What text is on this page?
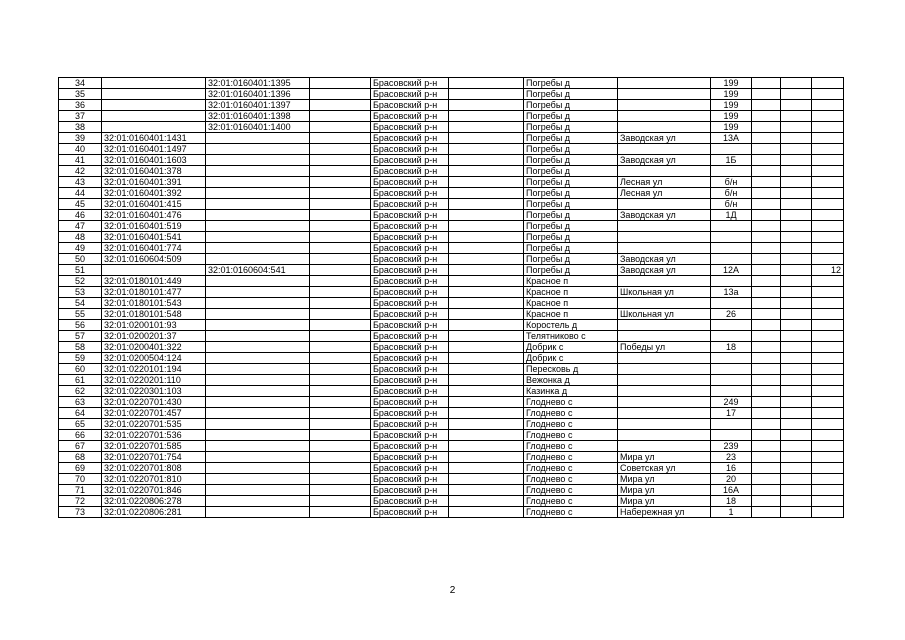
34		32:01:0160401:1395		Брасовский р-н		Погребы д		199			
35		32:01:0160401:1396		Брасовский р-н		Погребы д		199			
36		32:01:0160401:1397		Брасовский р-н		Погребы д		199			
37		32:01:0160401:1398		Брасовский р-н		Погребы д		199			
38		32:01:0160401:1400		Брасовский р-н		Погребы д		199			
39	32:01:0160401:1431			Брасовский р-н		Погребы д	Заводская ул	13А			
40	32:01:0160401:1497			Брасовский р-н		Погребы д					
41	32:01:0160401:1603			Брасовский р-н		Погребы д	Заводская ул	1Б			
42	32:01:0160401:378			Брасовский р-н		Погребы д					
43	32:01:0160401:391			Брасовский р-н		Погребы д	Лесная ул	б/н			
44	32:01:0160401:392			Брасовский р-н		Погребы д	Лесная ул	б/н			
45	32:01:0160401:415			Брасовский р-н		Погребы д		б/н			
46	32:01:0160401:476			Брасовский р-н		Погребы д	Заводская ул	1Д			
47	32:01:0160401:519			Брасовский р-н		Погребы д					
48	32:01:0160401:541			Брасовский р-н		Погребы д					
49	32:01:0160401:774			Брасовский р-н		Погребы д					
50	32:01:0160604:509			Брасовский р-н		Погребы д	Заводская ул				
51		32:01:0160604:541		Брасовский р-н		Погребы д	Заводская ул	12А			12
52	32:01:0180101:449			Брасовский р-н		Красное п					
53	32:01:0180101:477			Брасовский р-н		Красное п	Школьная ул	13а			
54	32:01:0180101:543			Брасовский р-н		Красное п					
55	32:01:0180101:548			Брасовский р-н		Красное п	Школьная ул	26			
56	32:01:0200101:93			Брасовский р-н		Коростель д					
57	32:01:0200201:37			Брасовский р-н		Телятниково с					
58	32:01:0200401:322			Брасовский р-н		Добрик с	Победы ул	18			
59	32:01:0200504:124			Брасовский р-н		Добрик с					
60	32:01:0220101:194			Брасовский р-н		Пересковь д					
61	32:01:0220201:110			Брасовский р-н		Вежонка д					
62	32:01:0220301:103			Брасовский р-н		Казинка д					
63	32:01:0220701:430			Брасовский р-н		Глоднево с		249			
64	32:01:0220701:457			Брасовский р-н		Глоднево с		17			
65	32:01:0220701:535			Брасовский р-н		Глоднево с					
66	32:01:0220701:536			Брасовский р-н		Глоднево с					
67	32:01:0220701:585			Брасовский р-н		Глоднево с		239			
68	32:01:0220701:754			Брасовский р-н		Глоднево с	Мира ул	23			
69	32:01:0220701:808			Брасовский р-н		Глоднево с	Советская ул	16			
70	32:01:0220701:810			Брасовский р-н		Глоднево с	Мира ул	20			
71	32:01:0220701:846			Брасовский р-н		Глоднево с	Мира ул	16А			
72	32:01:0220806:278			Брасовский р-н		Глоднево с	Мира ул	18			
73	32:01:0220806:281			Брасовский р-н		Глоднево с	Набережная ул	1			
2
